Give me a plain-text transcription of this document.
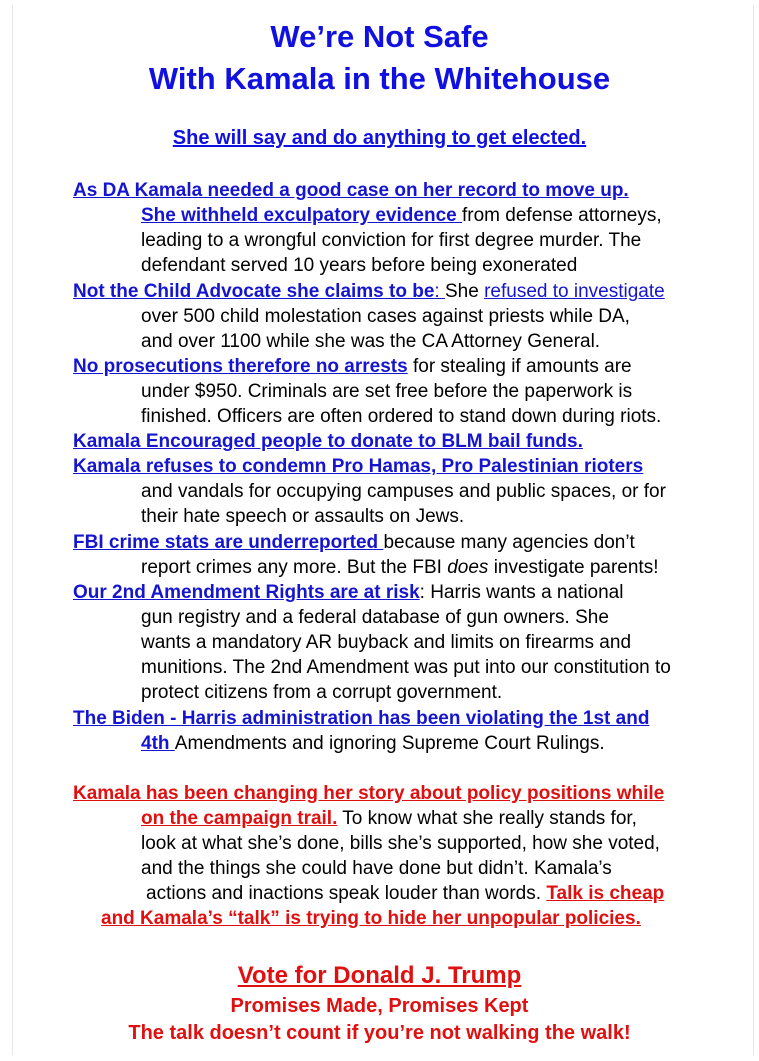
We’re Not Safe
With Kamala in the Whitehouse
She will say and do anything to get elected.
As DA Kamala needed a good case on her record to move up.
She withheld exculpatory evidence from defense attorneys,
leading to a wrongful conviction for first degree murder. The
defendant served 10 years before being exonerated
Not the Child Advocate she claims to be: She refused to investigate
over 500 child molestation cases against priests while DA,
and over 1100 while she was the CA Attorney General.
No prosecutions therefore no arrests for stealing if amounts are
under $950. Criminals are set free before the paperwork is
finished. Officers are often ordered to stand down during riots.
Kamala Encouraged people to donate to BLM bail funds.
Kamala refuses to condemn Pro Hamas, Pro Palestinian rioters
and vandals for occupying campuses and public spaces, or for
their hate speech or assaults on Jews.
FBI crime stats are underreported because many agencies don’t
report crimes any more. But the FBI does investigate parents!
Our 2nd Amendment Rights are at risk: Harris wants a national
gun registry and a federal database of gun owners. She
wants a mandatory AR buyback and limits on firearms and
munitions. The 2nd Amendment was put into our constitution to
protect citizens from a corrupt government.
The Biden - Harris administration has been violating the 1st and
4th Amendments and ignoring Supreme Court Rulings.
Kamala has been changing her story about policy positions while
on the campaign trail. To know what she really stands for,
look at what she’s done, bills she’s supported, how she voted,
and the things she could have done but didn’t. Kamala’s
actions and inactions speak louder than words. Talk is cheap
and Kamala’s “talk” is trying to hide her unpopular policies.
Vote for Donald J. Trump
Promises Made, Promises Kept
The talk doesn’t count if you’re not walking the walk!
